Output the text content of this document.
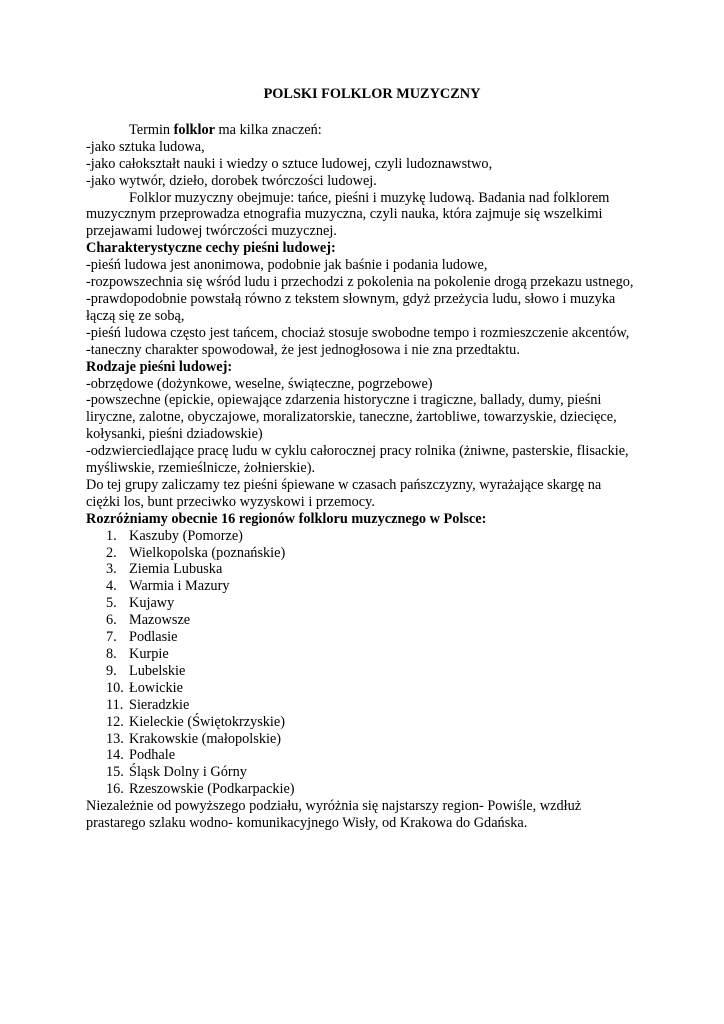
POLSKI FOLKLOR MUZYCZNY

Termin folklor ma kilka znaczeń:

-jako sztuka ludowa,

-jako całokształt nauki i wiedzy o sztuce ludowej, czyli ludoznawstwo,

-jako wytwór, dzieło, dorobek twórczości ludowej.

Folklor muzyczny obejmuje: tańce, pieśni i muzykę ludową. Badania nad folklorem muzycznym przeprowadza etnografia muzyczna, czyli nauka, która zajmuje się wszelkimi przejawami ludowej twórczości muzycznej.

Charakterystyczne cechy pieśni ludowej:

-pieśń ludowa jest anonimowa, podobnie jak baśnie i podania ludowe,

-rozpowszechnia się wśród ludu i przechodzi z pokolenia na pokolenie drogą przekazu ustnego,

-prawdopodobnie powstałą równo z tekstem słownym, gdyż przeżycia ludu, słowo i muzyka łączą się ze sobą,

-pieśń ludowa często jest tańcem, chociaż stosuje swobodne tempo i rozmieszczenie akcentów,

-taneczny charakter spowodował, że jest jednogłosowa i nie zna przedtaktu.

Rodzaje pieśni ludowej:

-obrzędowe (dożynkowe, weselne, świąteczne, pogrzebowe)

-powszechne (epickie, opiewające zdarzenia historyczne i tragiczne, ballady, dumy, pieśni liryczne, zalotne, obyczajowe, moralizatorskie, taneczne, żartobliwe, towarzyskie, dziecięce, kołysanki, pieśni dziadowskie)

-odzwierciedlające pracę ludu w cyklu całorocznej pracy rolnika (żniwne, pasterskie, flisackie, myśliwskie, rzemieślnicze, żołnierskie).

Do tej grupy zaliczamy tez pieśni śpiewane w czasach pańszczyzny, wyrażające skargę na ciężki los, bunt przeciwko wyzyskowi i przemocy.

Rozróżniamy obecnie 16 regionów folkloru muzycznego w Polsce:

1. Kaszuby (Pomorze)
2. Wielkopolska (poznańskie)
3. Ziemia Lubuska
4. Warmia i Mazury
5. Kujawy
6. Mazowsze
7. Podlasie
8. Kurpie
9. Lubelskie
10. Łowickie
11. Sieradzkie
12. Kieleckie (Świętokrzyskie)
13. Krakowskie (małopolskie)
14. Podhale
15. Śląsk Dolny i Górny
16. Rzeszowskie (Podkarpackie)

Niezależnie od powyższego podziału, wyróżnia się najstarszy region- Powiśle, wzdłuż prastarego szlaku wodno- komunikacyjnego Wisły, od Krakowa do Gdańska.
